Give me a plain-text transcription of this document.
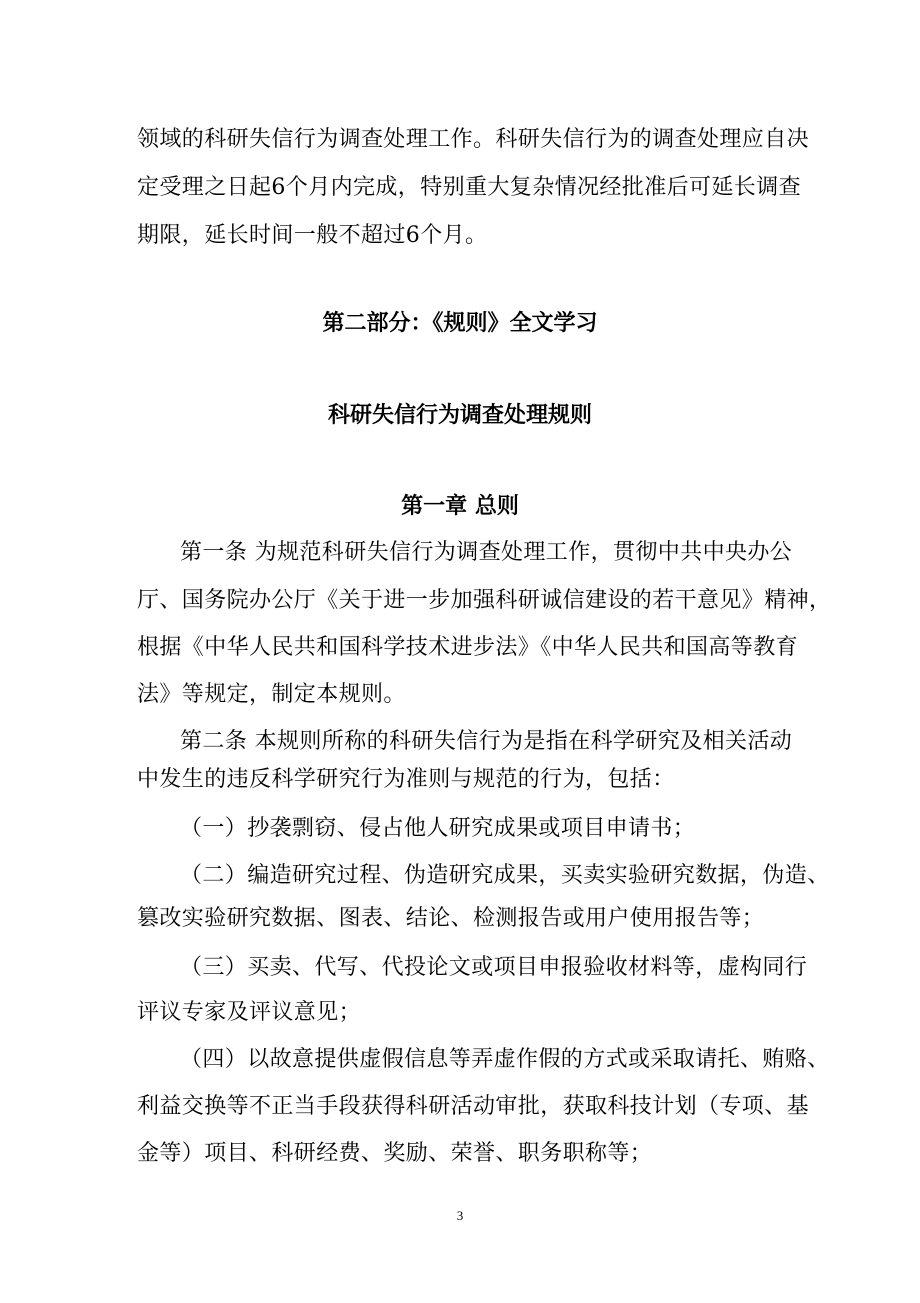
领域的科研失信行为调查处理工作。科研失信行为的调查处理应自决
定受理之日起6个月内完成，特别重大复杂情况经批准后可延长调查
期限，延长时间一般不超过6个月。
第二部分：《规则》全文学习
科研失信行为调查处理规则
第一章 总则
第一条 为规范科研失信行为调查处理工作，贯彻中共中央办公
厅、国务院办公厅《关于进一步加强科研诚信建设的若干意见》精神，
根据《中华人民共和国科学技术进步法》《中华人民共和国高等教育
法》等规定，制定本规则。
第二条 本规则所称的科研失信行为是指在科学研究及相关活动
中发生的违反科学研究行为准则与规范的行为，包括：
（一）抄袭剽窃、侵占他人研究成果或项目申请书；
（二）编造研究过程、伪造研究成果，买卖实验研究数据，伪造、
篡改实验研究数据、图表、结论、检测报告或用户使用报告等；
（三）买卖、代写、代投论文或项目申报验收材料等，虚构同行
评议专家及评议意见；
（四）以故意提供虚假信息等弄虚作假的方式或采取请托、贿赂、
利益交换等不正当手段获得科研活动审批，获取科技计划（专项、基
金等）项目、科研经费、奖励、荣誉、职务职称等；
3
